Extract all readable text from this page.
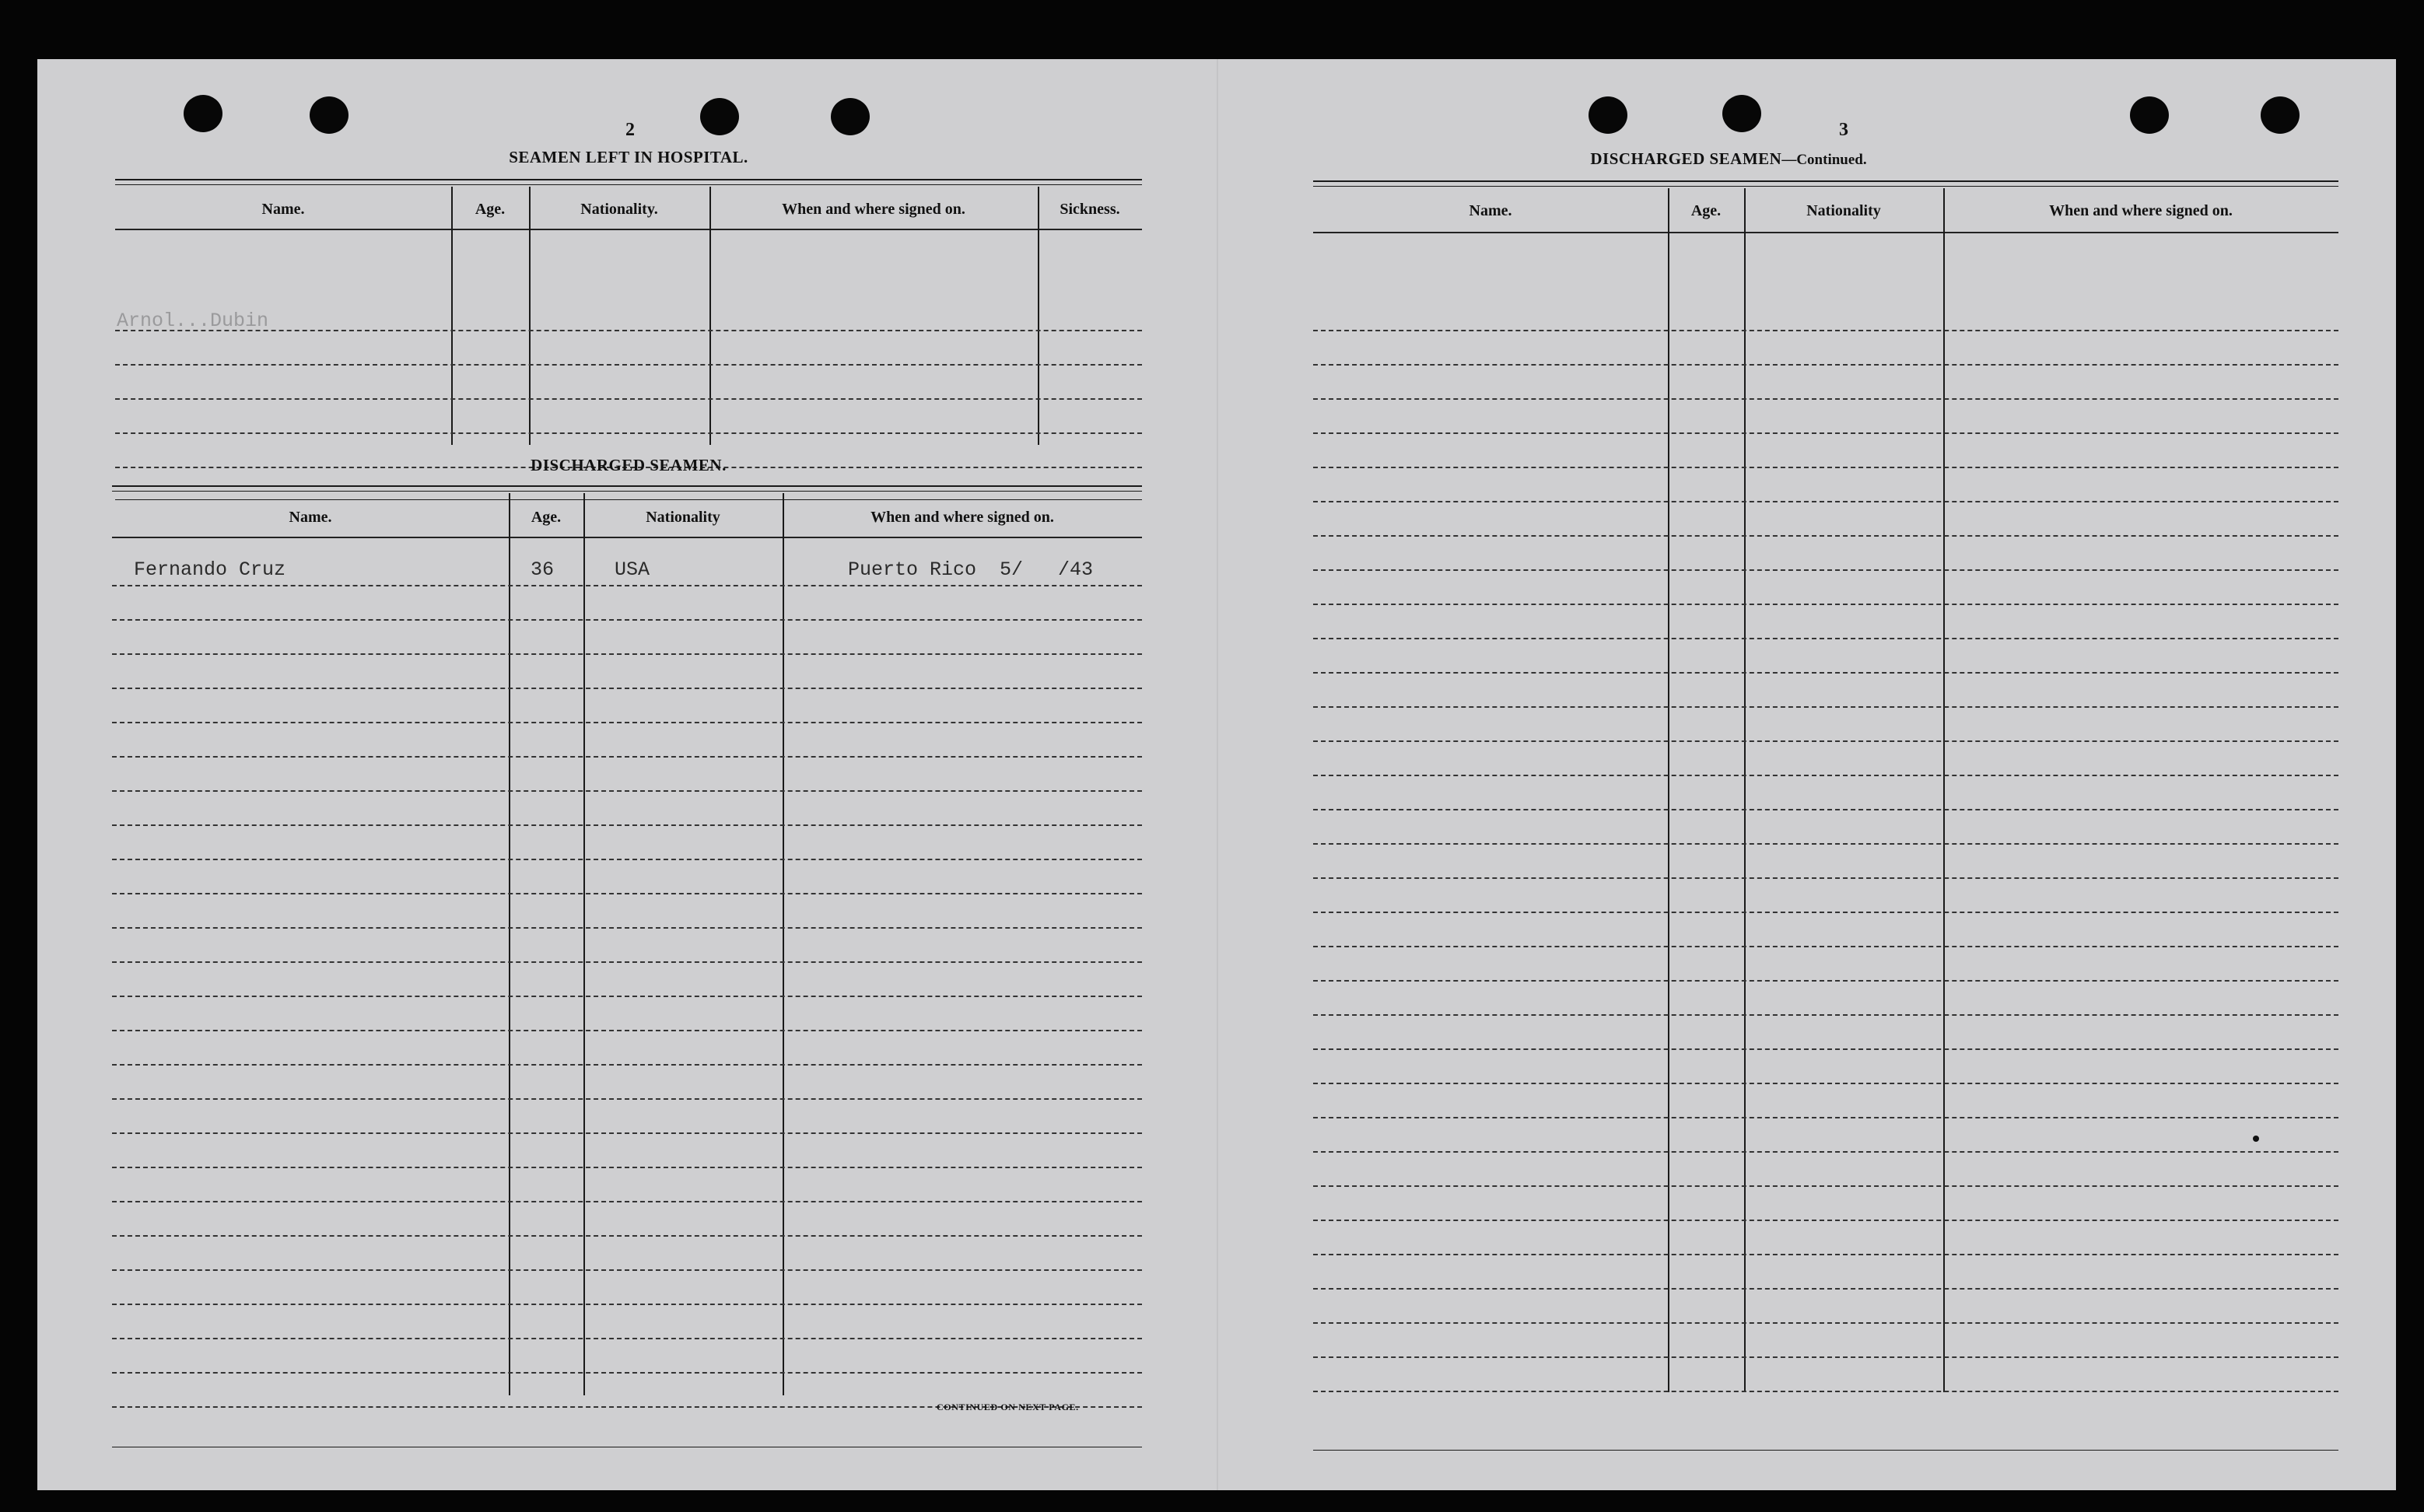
2
SEAMEN LEFT IN HOSPITAL.
Name.	Age.	Nationality.	When and where signed on.	Sickness.
Arnol...Dubin
DISCHARGED SEAMEN.
Name.	Age.	Nationality	When and where signed on.
Fernando Cruz	36	USA	Puerto Rico  5/   /43
CONTINUED ON NEXT PAGE.
3
DISCHARGED SEAMEN—Continued.
Name.	Age.	Nationality	When and where signed on.
